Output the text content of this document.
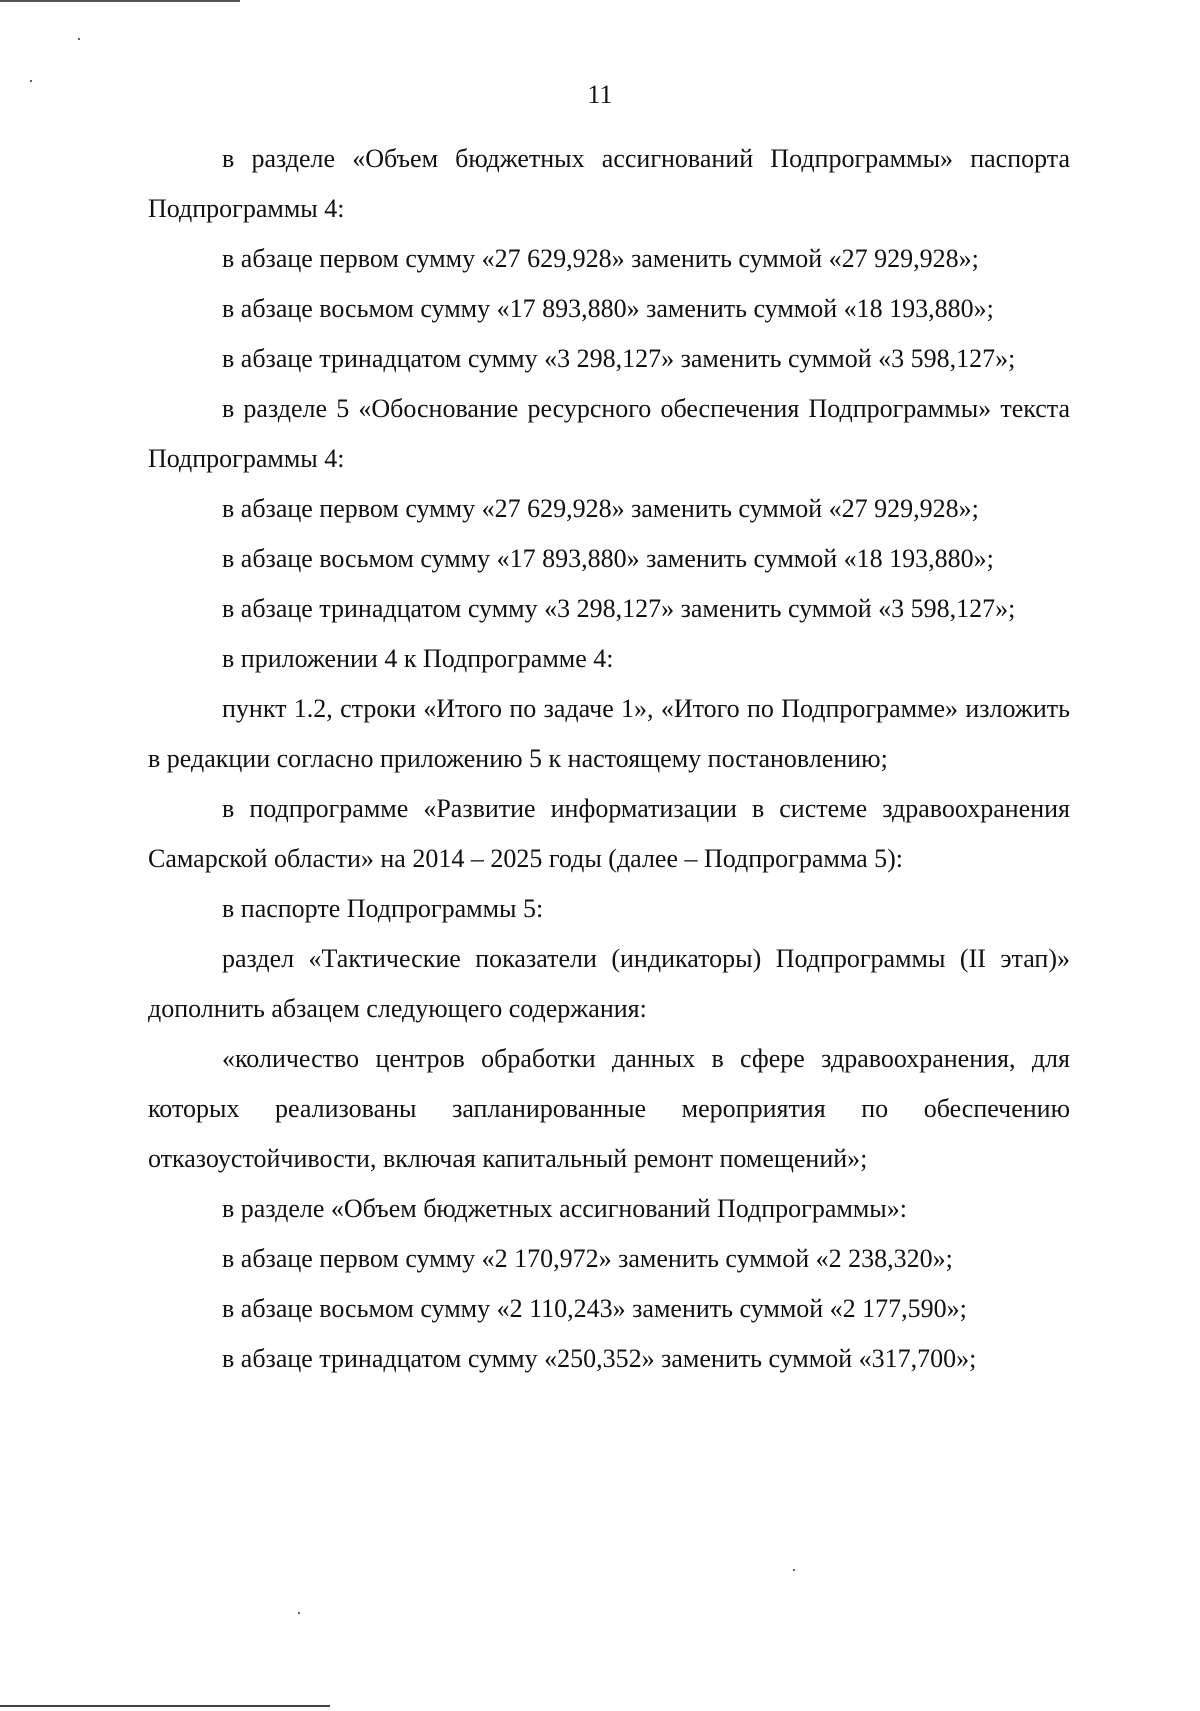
11

в разделе «Объем бюджетных ассигнований Подпрограммы» паспорта Подпрограммы 4:

в абзаце первом сумму «27 629,928» заменить суммой «27 929,928»;

в абзаце восьмом сумму «17 893,880» заменить суммой «18 193,880»;

в абзаце тринадцатом сумму «3 298,127» заменить суммой «3 598,127»;

в разделе 5 «Обоснование ресурсного обеспечения Подпрограммы» текста Подпрограммы 4:

в абзаце первом сумму «27 629,928» заменить суммой «27 929,928»;

в абзаце восьмом сумму «17 893,880» заменить суммой «18 193,880»;

в абзаце тринадцатом сумму «3 298,127» заменить суммой «3 598,127»;

в приложении 4 к Подпрограмме 4:

пункт 1.2, строки «Итого по задаче 1», «Итого по Подпрограмме» изложить в редакции согласно приложению 5 к настоящему постановлению;

в подпрограмме «Развитие информатизации в системе здравоохранения Самарской области» на 2014 – 2025 годы (далее – Подпрограмма 5):

в паспорте Подпрограммы 5:

раздел «Тактические показатели (индикаторы) Подпрограммы (II этап)» дополнить абзацем следующего содержания:

«количество центров обработки данных в сфере здравоохранения, для которых реализованы запланированные мероприятия по обеспечению отказоустойчивости, включая капитальный ремонт помещений»;

в разделе «Объем бюджетных ассигнований Подпрограммы»:

в абзаце первом сумму «2 170,972» заменить суммой «2 238,320»;

в абзаце восьмом сумму «2 110,243» заменить суммой «2 177,590»;

в абзаце тринадцатом сумму «250,352» заменить суммой «317,700»;
